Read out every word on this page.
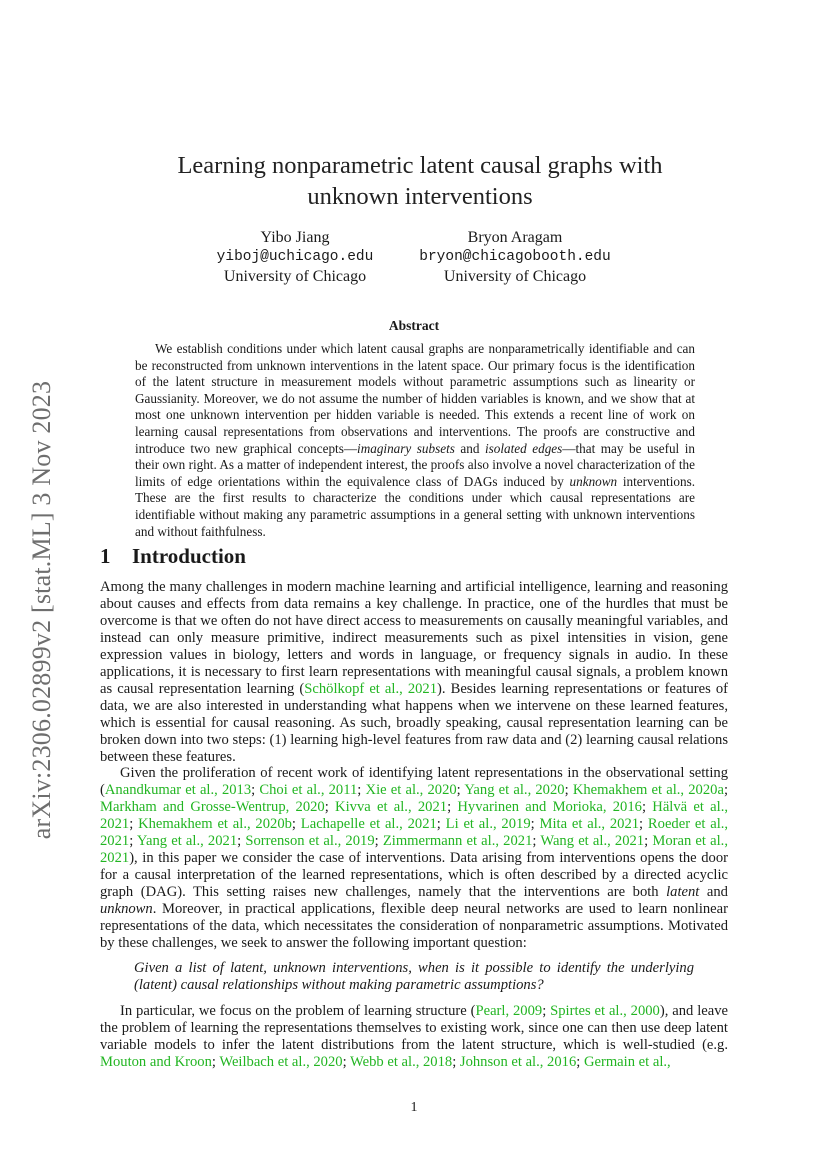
arXiv:2306.02899v2 [stat.ML] 3 Nov 2023
Learning nonparametric latent causal graphs with
unknown interventions
Yibo Jiang
yiboj@uchicago.edu
University of Chicago
Bryon Aragam
bryon@chicagobooth.edu
University of Chicago
Abstract

We establish conditions under which latent causal graphs are nonparametrically identifiable and can be reconstructed from unknown interventions in the latent space. Our primary focus is the identification of the latent structure in measurement models without parametric assumptions such as linearity or Gaussianity. Moreover, we do not assume the number of hidden variables is known, and we show that at most one unknown intervention per hidden variable is needed. This extends a recent line of work on learning causal representations from observations and interventions. The proofs are constructive and introduce two new graphical concepts—imaginary subsets and isolated edges—that may be useful in their own right. As a matter of independent interest, the proofs also involve a novel characterization of the limits of edge orientations within the equivalence class of DAGs induced by unknown interventions. These are the first results to characterize the conditions under which causal representations are identifiable without making any parametric assumptions in a general setting with unknown interventions and without faithfulness.

1 Introduction

Among the many challenges in modern machine learning and artificial intelligence, learning and reasoning about causes and effects from data remains a key challenge. In practice, one of the hurdles that must be overcome is that we often do not have direct access to measurements on causally meaningful variables, and instead can only measure primitive, indirect measurements such as pixel intensities in vision, gene expression values in biology, letters and words in language, or frequency signals in audio. In these applications, it is necessary to first learn representations with meaningful causal signals, a problem known as causal representation learning (Schölkopf et al., 2021). Besides learning representations or features of data, we are also interested in understanding what happens when we intervene on these learned features, which is essential for causal reasoning. As such, broadly speaking, causal representation learning can be broken down into two steps: (1) learning high-level features from raw data and (2) learning causal relations between these features.

Given the proliferation of recent work of identifying latent representations in the observational setting (Anandkumar et al., 2013; Choi et al., 2011; Xie et al., 2020; Yang et al., 2020; Khemakhem et al., 2020a; Markham and Grosse-Wentrup, 2020; Kivva et al., 2021; Hyvarinen and Morioka, 2016; Hälvä et al., 2021; Khemakhem et al., 2020b; Lachapelle et al., 2021; Li et al., 2019; Mita et al., 2021; Roeder et al., 2021; Yang et al., 2021; Sorrenson et al., 2019; Zimmermann et al., 2021; Wang et al., 2021; Moran et al., 2021), in this paper we consider the case of interventions. Data arising from interventions opens the door for a causal interpretation of the learned representations, which is often described by a directed acyclic graph (DAG). This setting raises new challenges, namely that the interventions are both latent and unknown. Moreover, in practical applications, flexible deep neural networks are used to learn nonlinear representations of the data, which necessitates the consideration of nonparametric assumptions. Motivated by these challenges, we seek to answer the following important question:

Given a list of latent, unknown interventions, when is it possible to identify the underlying (latent) causal relationships without making parametric assumptions?

In particular, we focus on the problem of learning structure (Pearl, 2009; Spirtes et al., 2000), and leave the problem of learning the representations themselves to existing work, since one can then use deep latent variable models to infer the latent distributions from the latent structure, which is well-studied (e.g. Mouton and Kroon; Weilbach et al., 2020; Webb et al., 2018; Johnson et al., 2016; Germain et al.,

1
